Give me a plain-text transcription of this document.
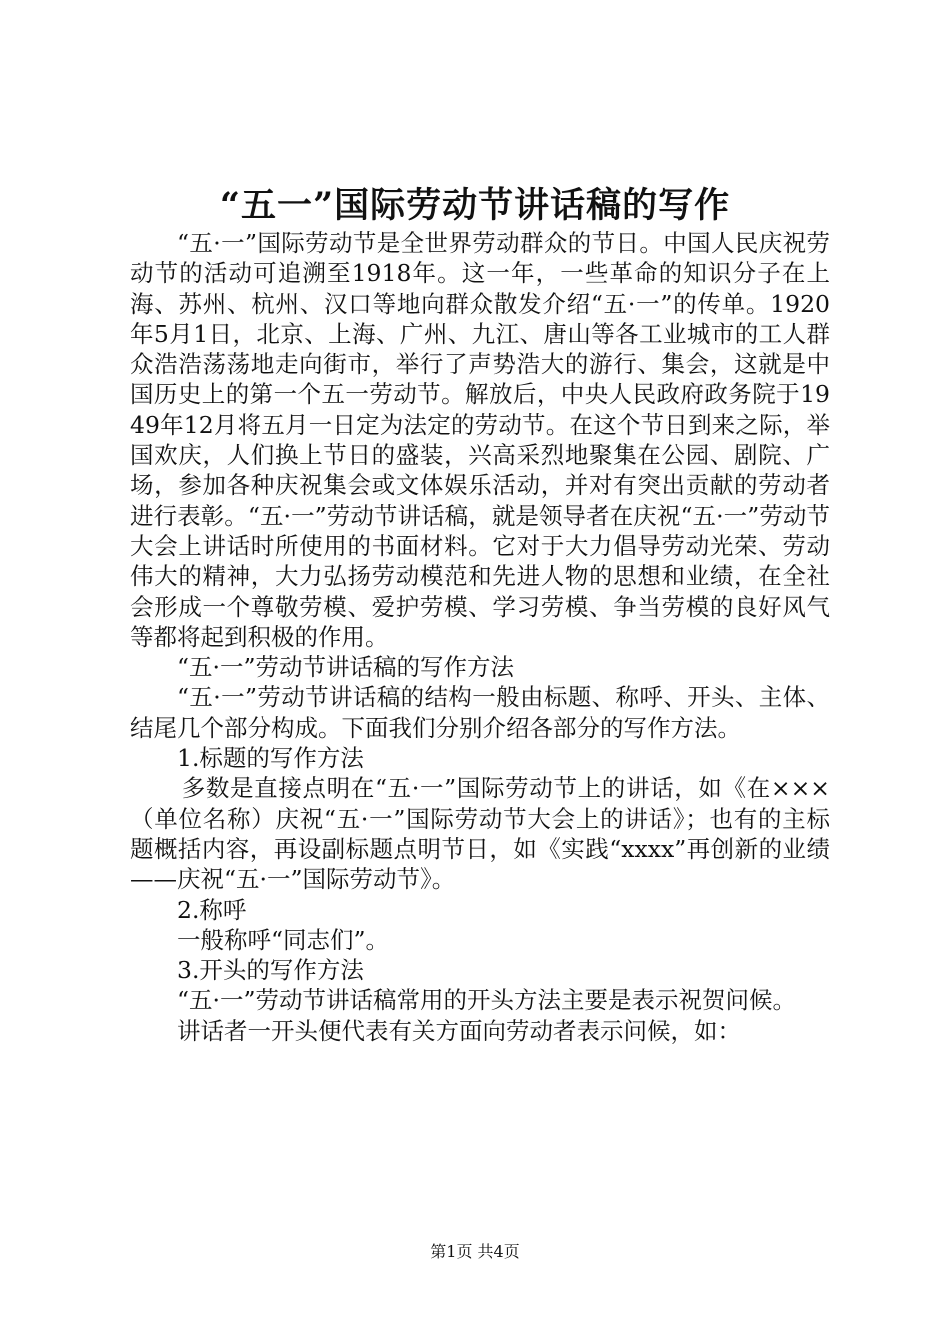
“五一”国际劳动节讲话稿的写作

“五·一”国际劳动节是全世界劳动群众的节日。中国人民庆祝劳动节的活动可追溯至1918年。这一年，一些革命的知识分子在上海、苏州、杭州、汉口等地向群众散发介绍“五·一”的传单。1920年5月1日，北京、上海、广州、九江、唐山等各工业城市的工人群众浩浩荡荡地走向街市，举行了声势浩大的游行、集会，这就是中国历史上的第一个五一劳动节。解放后，中央人民政府政务院于1949年12月将五月一日定为法定的劳动节。在这个节日到来之际，举国欢庆，人们换上节日的盛装，兴高采烈地聚集在公园、剧院、广场，参加各种庆祝集会或文体娱乐活动，并对有突出贡献的劳动者进行表彰。“五·一”劳动节讲话稿，就是领导者在庆祝“五·一”劳动节大会上讲话时所使用的书面材料。它对于大力倡导劳动光荣、劳动伟大的精神，大力弘扬劳动模范和先进人物的思想和业绩，在全社会形成一个尊敬劳模、爱护劳模、学习劳模、争当劳模的良好风气等都将起到积极的作用。

“五·一”劳动节讲话稿的写作方法

“五·一”劳动节讲话稿的结构一般由标题、称呼、开头、主体、结尾几个部分构成。下面我们分别介绍各部分的写作方法。

1.标题的写作方法

多数是直接点明在“五·一”国际劳动节上的讲话，如《在×××（单位名称）庆祝“五·一”国际劳动节大会上的讲话》；也有的主标题概括内容，再设副标题点明节日，如《实践“xxxx”再创新的业绩——庆祝“五·一”国际劳动节》。

2.称呼

一般称呼“同志们”。

3.开头的写作方法

“五·一”劳动节讲话稿常用的开头方法主要是表示祝贺问候。

讲话者一开头便代表有关方面向劳动者表示问候，如：

第1页 共4页
